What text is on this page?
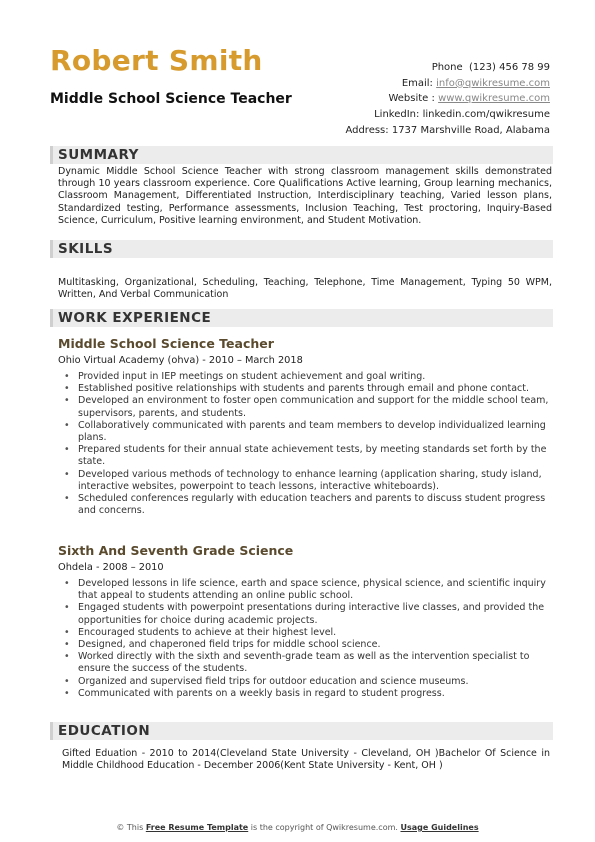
Robert Smith
Middle School Science Teacher
Phone (123) 456 78 99
Email: info@qwikresume.com
Website : www.qwikresume.com
LinkedIn: linkedin.com/qwikresume
Address: 1737 Marshville Road, Alabama
SUMMARY

Dynamic Middle School Science Teacher with strong classroom management skills demonstrated through 10 years classroom experience. Core Qualifications Active learning, Group learning mechanics, Classroom Management, Differentiated Instruction, Interdisciplinary teaching, Varied lesson plans, Standardized testing, Performance assessments, Inclusion Teaching, Test proctoring, Inquiry-Based Science, Curriculum, Positive learning environment, and Student Motivation.

SKILLS

Multitasking, Organizational, Scheduling, Teaching, Telephone, Time Management, Typing 50 WPM, Written, And Verbal Communication

WORK EXPERIENCE

Middle School Science Teacher

Ohio Virtual Academy (ohva) - 2010 – March 2018

• Provided input in IEP meetings on student achievement and goal writing.
• Established positive relationships with students and parents through email and phone contact.
• Developed an environment to foster open communication and support for the middle school team, supervisors, parents, and students.
• Collaboratively communicated with parents and team members to develop individualized learning plans.
• Prepared students for their annual state achievement tests, by meeting standards set forth by the state.
• Developed various methods of technology to enhance learning (application sharing, study island, interactive websites, powerpoint to teach lessons, interactive whiteboards).
• Scheduled conferences regularly with education teachers and parents to discuss student progress and concerns.

Sixth And Seventh Grade Science

Ohdela - 2008 – 2010

• Developed lessons in life science, earth and space science, physical science, and scientific inquiry that appeal to students attending an online public school.
• Engaged students with powerpoint presentations during interactive live classes, and provided the opportunities for choice during academic projects.
• Encouraged students to achieve at their highest level.
• Designed, and chaperoned field trips for middle school science.
• Worked directly with the sixth and seventh-grade team as well as the intervention specialist to ensure the success of the students.
• Organized and supervised field trips for outdoor education and science museums.
• Communicated with parents on a weekly basis in regard to student progress.
EDUCATION

Gifted Eduation - 2010 to 2014(Cleveland State University - Cleveland, OH )Bachelor Of Science in Middle Childhood Education - December 2006(Kent State University - Kent, OH )

© This Free Resume Template is the copyright of Qwikresume.com. Usage Guidelines
